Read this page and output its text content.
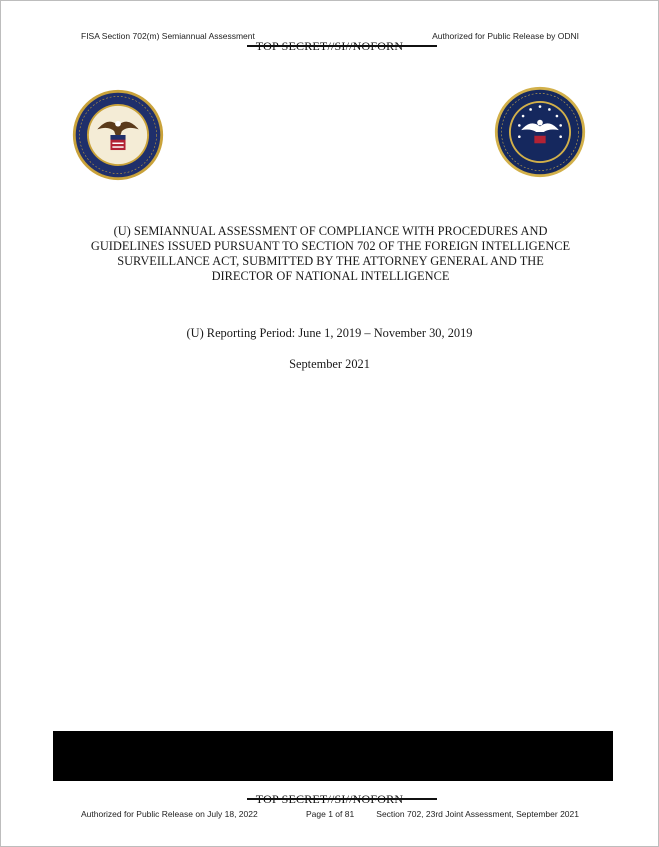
FISA Section 702(m) Semiannual Assessment	Authorized for Public Release by ODNI
(U) SEMIANNUAL ASSESSMENT OF COMPLIANCE WITH PROCEDURES AND
GUIDELINES ISSUED PURSUANT TO SECTION 702 OF THE FOREIGN INTELLIGENCE
SURVEILLANCE ACT, SUBMITTED BY THE ATTORNEY GENERAL AND THE
DIRECTOR OF NATIONAL INTELLIGENCE
(U) Reporting Period: June 1, 2019 – November 30, 2019
September 2021
Authorized for Public Release on July 18, 2022	Page 1 of 81	Section 702, 23rd Joint Assessment, September 2021
